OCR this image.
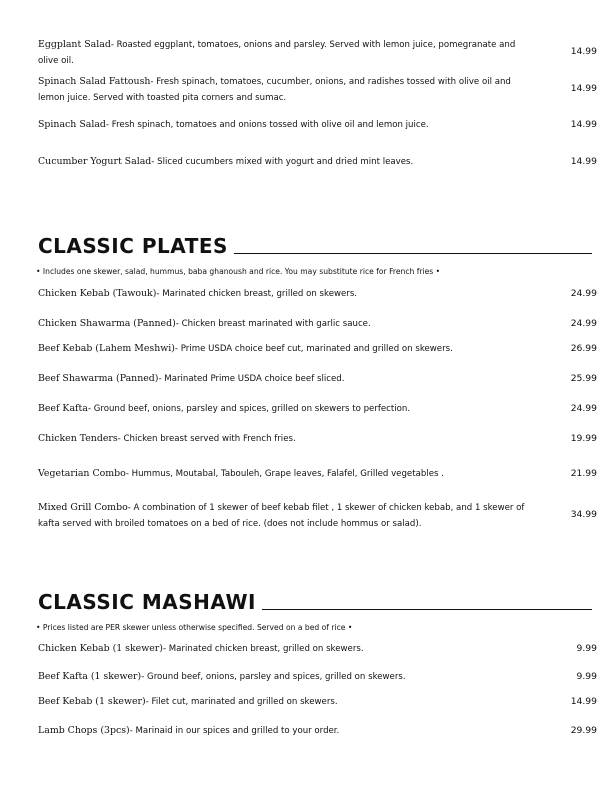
Eggplant Salad- Roasted eggplant, tomatoes, onions and parsley. Served with lemon juice, pomegranate and olive oil.
14.99
Spinach Salad Fattoush- Fresh spinach, tomatoes, cucumber, onions, and radishes tossed with olive oil and lemon juice. Served with toasted pita corners and sumac.
14.99
Spinach Salad- Fresh spinach, tomatoes and onions tossed with olive oil and lemon juice.	14.99
Cucumber Yogurt Salad- Sliced cucumbers mixed with yogurt and dried mint leaves.	14.99
CLASSIC PLATES
• Includes one skewer, salad, hummus, baba ghanoush and rice. You may substitute rice for French fries •
Chicken Kebab (Tawouk)- Marinated chicken breast, grilled on skewers.	24.99
Chicken Shawarma (Panned)- Chicken breast marinated with garlic sauce.	24.99
Beef Kebab (Lahem Meshwi)- Prime USDA choice beef cut, marinated and grilled on skewers.	26.99
Beef Shawarma (Panned)- Marinated Prime USDA choice beef sliced.	25.99
Beef Kafta- Ground beef, onions, parsley and spices, grilled on skewers to perfection.	24.99
Chicken Tenders- Chicken breast served with French fries.	19.99
Vegetarian Combo- Hummus, Moutabal, Tabouleh, Grape leaves, Falafel, Grilled vegetables .	21.99
Mixed Grill Combo- A combination of 1 skewer of beef kebab filet , 1 skewer of chicken kebab, and 1 skewer of kafta served with broiled tomatoes on a bed of rice. (does not include hommus or salad).
34.99
CLASSIC MASHAWI
• Prices listed are PER skewer unless otherwise specified. Served on a bed of rice •
Chicken Kebab (1 skewer)- Marinated chicken breast, grilled on skewers.	9.99
Beef Kafta (1 skewer)- Ground beef, onions, parsley and spices, grilled on skewers.	9.99
Beef Kebab (1 skewer)- Filet cut, marinated and grilled on skewers.	14.99
Lamb Chops (3pcs)- Marinaid in our spices and grilled to your order.	29.99
